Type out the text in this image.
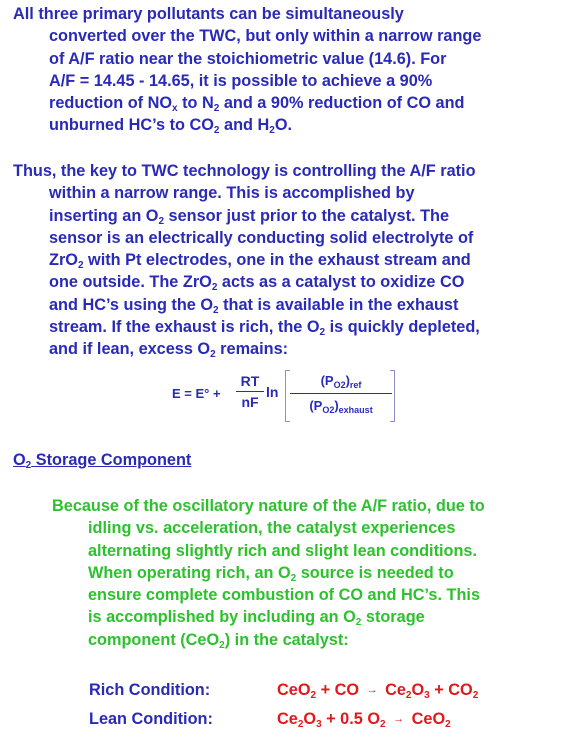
All three primary pollutants can be simultaneously
converted over the TWC, but only within a narrow range
of A/F ratio near the stoichiometric value (14.6). For
A/F = 14.45 - 14.65, it is possible to achieve a 90%
reduction of $NO_x$ to $N_2$ and a 90% reduction of CO and
unburned HC’s to $CO_2$ and $H_2O$.
Thus, the key to TWC technology is controlling the A/F ratio
within a narrow range. This is accomplished by
inserting an $O_2$ sensor just prior to the catalyst. The
sensor is an electrically conducting solid electrolyte of
ZrO$_2$ with Pt electrodes, one in the exhaust stream and
one outside. The ZrO$_2$ acts as a catalyst to oxidize CO
and HC’s using the $O_2$ that is available in the exhaust
stream. If the exhaust is rich, the $O_2$ is quickly depleted,
and if lean, excess $O_2$ remains:
E = E° +
RT
nF
ln
$(P_{O2})_{ref}$
$(P_{O2})_{exhaust}$
$O_2$ Storage Component
Because of the oscillatory nature of the A/F ratio, due to
idling vs. acceleration, the catalyst experiences
alternating slightly rich and slight lean conditions.
When operating rich, an $O_2$ source is needed to
ensure complete combustion of CO and HC’s. This
is accomplished by including an $O_2$ storage
component (CeO$_2$) in the catalyst:
Rich Condition:	CeO$_2$ + CO → $Ce_2O_3 + CO_2$
Lean Condition:	$Ce_2O_3 + 0.5$ $O_2 \to CeO_2$
